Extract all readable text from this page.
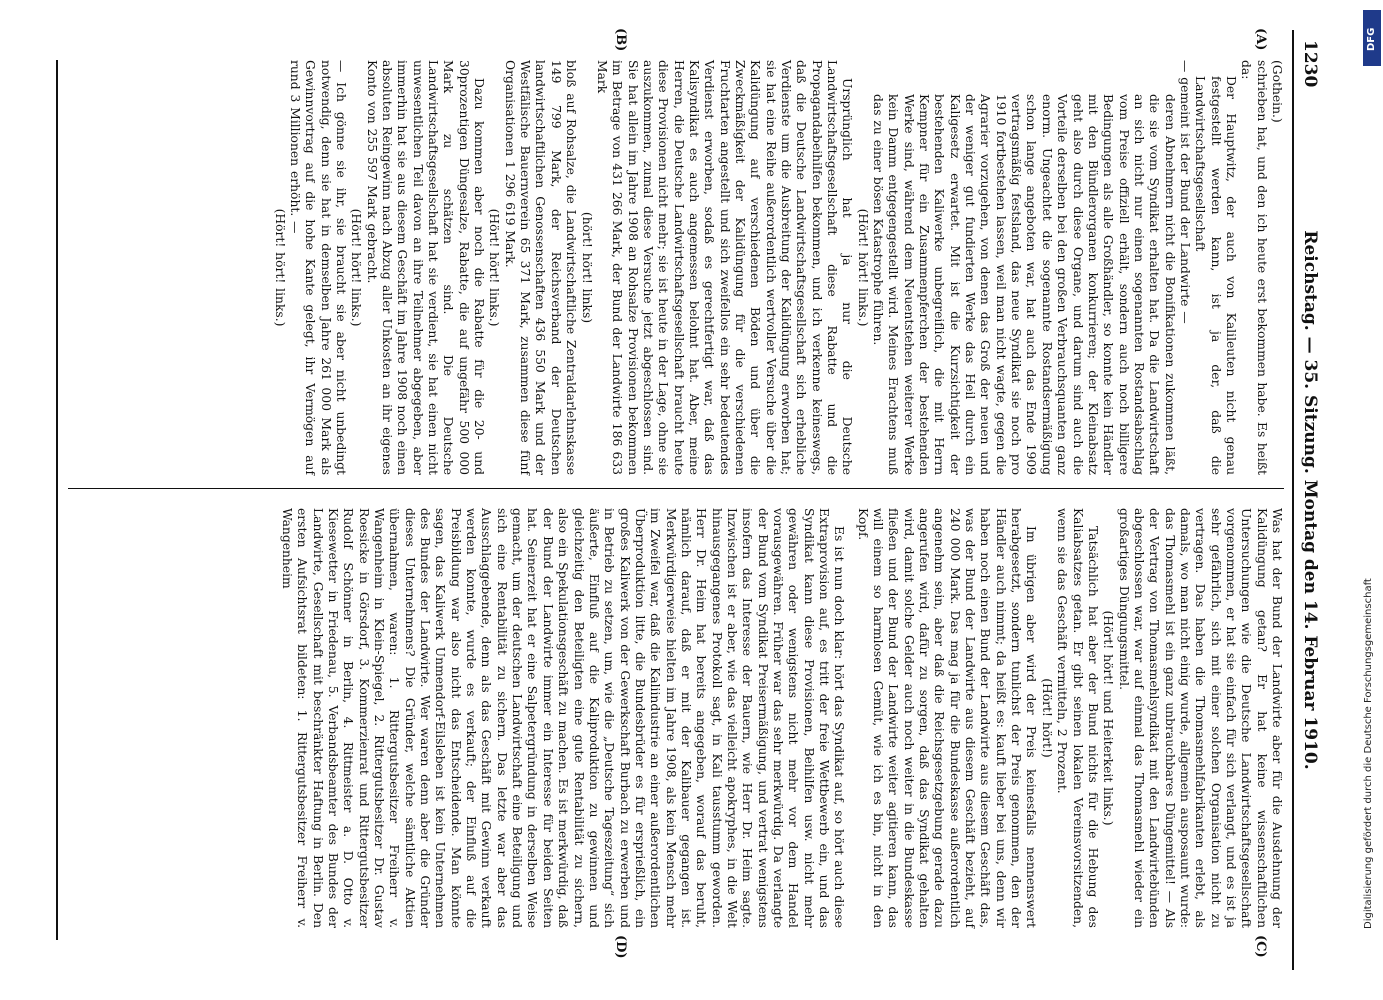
1230
Reichstag. — 35. Sitzung. Montag den 14. Februar 1910.
(A)
(B)
(C)
(D)

(Gothein.)

schrieben hat, und den ich heute erst bekommen habe. Es heißt da:

Der Hauptwitz, der auch von Kalileuten nicht genau festgestellt werden kann, ist ja der, daß die Landwirtschaftsgesellschaft

— gemeint ist der Bund der Landwirte —

deren Abnehmern nicht die Bonifikationen zukommen läßt, die sie vom Syndikat erhalten hat. Da die Landwirtschaft an sich nicht nur einen sogenannten Rostandsabschlag vom Preise offiziell erhält, sondern auch noch billigere Bedingungen als alle Großhändler, so konnte kein Händler mit den Bündlerorganen konkurrieren; der Kleinabsatz geht also durch diese Organe, und darum sind auch die Vorteile derselben bei den großen Verbrauchsquanten ganz enorm. Ungeachtet die sogenannte Rostandsermäßigung schon lange angeboten war, hat auch das Ende 1909 vertragsmäßig festsland, das neue Syndikat sie noch pro 1910 fortbestehen lassen, weil man nicht wagte, gegen die Agrarier vorzugehen, von denen das Groß der neuen und der weniger gut fundierten Werke das Heil durch ein Kaligesetz erwartet. Mit ist die Kurzsichtigkeit der bestehenden Kaliwerke unbegreiflich, die mit Herrn Kempner für ein Zusammenpferchen der bestehenden Werke sind, während dem Neuentstehen weiterer Werke kein Damm entgegengestellt wird. Meines Erachtens muß das zu einer bösen Katastrophe führen.

(Hört! hört! links.)

Ursprünglich hat ja nur die Deutsche Landwirtschaftsgesellschaft diese Rabatte und die Propagandabeihilfen bekommen, und ich verkenne keineswegs, daß die Deutsche Landwirtschaftsgesellschaft sich erhebliche Verdienste um die Ausbreitung der Kalidüngung erworben hat; sie hat eine Reihe außerordentlich wertvoller Versuche über die Kalidüngung auf verschiedenen Böden und über die Zweckmäßigkeit der Kalidüngung für die verschiedenen Fruchtarten angestellt und sich zweifellos ein sehr bedeutendes Verdienst erworben, sodaß es gerechtfertigt war, daß das Kalisyndikat es auch angemessen belohnt hat. Aber, meine Herren, die Deutsche Landwirtschaftsgesellschaft braucht heute diese Provisionen nicht mehr; sie ist heute in der Lage, ohne sie auszukommen, zumal diese Versuche jetzt abgeschlossen sind. Sie hat allein im Jahre 1908 an Rohsalze Provisionen bekommen im Betrage von 431 266 Mark, der Bund der Landwirte 186 633 Mark

(hört! hört! links)

bloß auf Rohsalze, die Landwirtschaftliche Zentraldarlehnskasse 149 799 Mark, der Reichsverband der Deutschen landwirtschaftlichen Genossenschaften 436 550 Mark und der Westfälische Bauernverein 65 371 Mark, zusammen diese fünf Organisationen 1 296 619 Mark.

(Hört! hört! links.)

Dazu kommen aber noch die Rabatte für die 20- und 30prozentigen Düngesalze, Rabatte, die auf ungefähr 500 000 Mark zu schätzen sind. Die Deutsche Landwirtschaftsgesellschaft hat sie verdient, sie hat einen nicht unwesentlichen Teil davon an ihre Teilnehmer abgegeben, aber immerhin hat sie aus diesem Geschäft im Jahre 1908 noch einen absoluten Reingewinn nach Abzug aller Unkosten an ihr eigenes Konto von 255 597 Mark gebracht.

(Hört! hört! links.)

— Ich gönne sie ihr, sie braucht sie aber nicht unbedingt notwendig, denn sie hat in demselben Jahre 261 000 Mark als Gewinnvortrag auf die hohe Kante gelegt, ihr Vermögen auf rund 3 Millionen erhöht. —

(Hört! hört! links.)

Was hat der Bund der Landwirte aber für die Ausdehnung der Kalidüngung getan? Er hat keine wissenschaftlichen Untersuchungen wie die Deutsche Landwirtschaftsgesellschaft vorgenommen, er hat sie einfach für sich verlangt, und es ist ja sehr gefährlich, sich mit einer solchen Organisation nicht zu vertragen. Das haben die Thomasmehlfabrikanten erlebt, als damals, wo man nicht einig wurde, allgemein ausposaunt wurde: das Thomasmehl ist ein ganz unbrauchbares Düngemittel! — Als der Vertrag von Thomasmehlsyndikat mit den Landwirtebünden abgeschlossen war, war auf einmal das Thomasmehl wieder ein großartiges Düngungsmittel.

(Hört! hört! und Heiterkeit links.)

Tatsächlich hat aber der Bund nichts für die Hebung des Kaliabsatzes getan. Er gibt seinen lokalen Vereinsvorsitzenden, wenn sie das Geschäft vermitteln, 2 Prozent.

(Hört! hört!)

Im übrigen aber wird der Preis keinesfalls nennenswert herabgesetzt, sondern tunlichst der Preis genommen, den der Händler auch nimmt; da heißt es: kauft lieber bei uns, denn wir haben noch einen Bund der Landwirte aus diesem Geschäft das, was der Bund der Landwirte aus diesem Geschäft bezieht, auf 240 000 Mark. Das mag ja für die Bundeskasse außerordentlich angenehm sein, aber daß die Reichsgesetzgebung gerade dazu angerufen wird, dafür zu sorgen, daß das Syndikat gehalten wird, damit solche Gelder auch noch weiter in die Bundeskasse fließen und der Bund der Landwirte weiter agitieren kann, das will einem so harmlosen Gemüt, wie ich es bin, nicht in den Kopf.

Es ist nun doch klar: hört das Syndikat auf, so hört auch diese Extraprovision auf, es tritt der freie Wettbewerb ein, und das Syndikat kann diese Provisionen, Beihilfen usw. nicht mehr gewähren oder wenigstens nicht mehr vor dem Handel vorausgewähren. Früher war das sehr merkwürdig. Da verlangte der Bund vom Syndikat Preisermäßigung, und vertrat wenigstens insofern das Interesse der Bauern, wie Herr Dr. Heim sagte. Inzwischen ist er aber, wie das vielleicht apokryphes, in die Welt hinausgegangenes Protokoll sagt, in Kali tausstumm geworden. Herr Dr. Heim hat bereits angegeben, worauf das beruht, nämlich darauf, daß er mit der Kalibauer gegangen ist. Merkwürdigerweise hielten im Jahre 1908, als kein Mensch mehr im Zweifel war, daß die Kaliindustrie an einer außerordentlichen Überproduktion litte, die Bundesbrüder es für ersprießlich, ein großes Kaliwerk von der Gewerkschaft Burbach zu erwerben und in Betrieb zu setzen, um, wie die „Deutsche Tageszeitung“ sich äußerte, Einfluß auf die Kaliproduktion zu gewinnen und gleichzeitig den Beteiligten eine gute Rentabilität zu sichern, also ein Spekulationsgeschäft zu machen. Es ist merkwürdig, daß der Bund der Landwirte immer ein Interesse für beiden Seiten hat. Seinerzeit hat er eine Salpetergründung in derselben Weise gemacht, um der deutschen Landwirtschaft eine Beteiligung und sich eine Rentabilität zu sichern. Das letzte war aber das Ausschlaggebende, denn als das Geschäft mit Gewinn verkauft werden konnte, wurde es verkauft; der Einfluß auf die Preisbildung war also nicht das Entscheidende. Man könnte sagen, das Kaliwerk Unmendorf-Eilsleben ist kein Unternehmen des Bundes der Landwirte. Wer waren denn aber die Gründer dieses Unternehmens? Die Gründer, welche sämtliche Aktien übernahmen, waren: 1. Rittergutsbesitzer Freiherr v. Wangenheim in Klein-Spiegel, 2. Rittergutsbesitzer Dr. Gustav Roesicke in Görsdorf, 3. Kommerzienrat und Rittergutsbesitzer Rudolf Schönner in Berlin, 4. Rittmeister a. D. Otto v. Kiesewetter in Friedenau, 5. Verbandsbeamter des Bundes der Landwirte, Gesellschaft mit beschränkter Haftung in Berlin. Den ersten Aufsichtsrat bildeten: 1. Rittergutsbesitzer Freiherr v. Wangenheim

DFG
Digitalisierung gefördert durch die Deutsche Forschungsgemeinschaft
